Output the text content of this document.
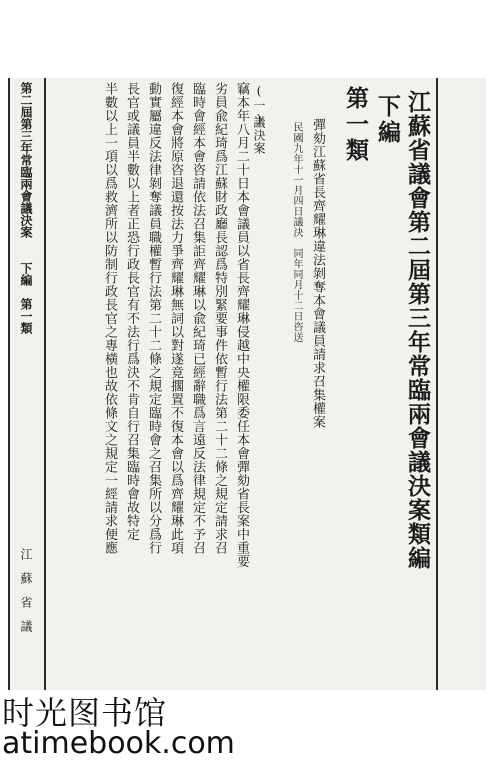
江蘇省議會第二屆第三年常臨兩會議決案類編

下編

第一類

彈劾江蘇省長齊耀琳違法剝奪本會議員請求召集權案

民國九年十一月四日議決　同年同月十二日咨送

(一)

議決案

竊本年八月二十日本會議員以省長齊耀琳侵越中央權限委任本會彈劾省長案中重要

劣員兪紀琦爲江蘇財政廳長認爲特別緊要事件依暫行法第二十二條之規定請求召

臨時會經本會咨請依法召集詎齊耀琳以兪紀琦已經辭職爲言遠反法律規定不予召

復經本會將原咨退還按法力爭齊耀琳無詞以對遂竟擱置不復本會以爲齊耀琳此項

動實屬違反法律剝奪議員職權暫行法第二十二條之規定臨時會之召集所以分爲行

長官或議員半數以上者正恐行政長官有不法行爲決不肯自行召集臨時會故特定

半數以上一項以爲救濟所以防制行政長官之專橫也故依條文之規定一經請求便應

第二屆第三年常臨兩會議決案

下編　第一類

江蘇省議

时光图书馆
atimebook.com
